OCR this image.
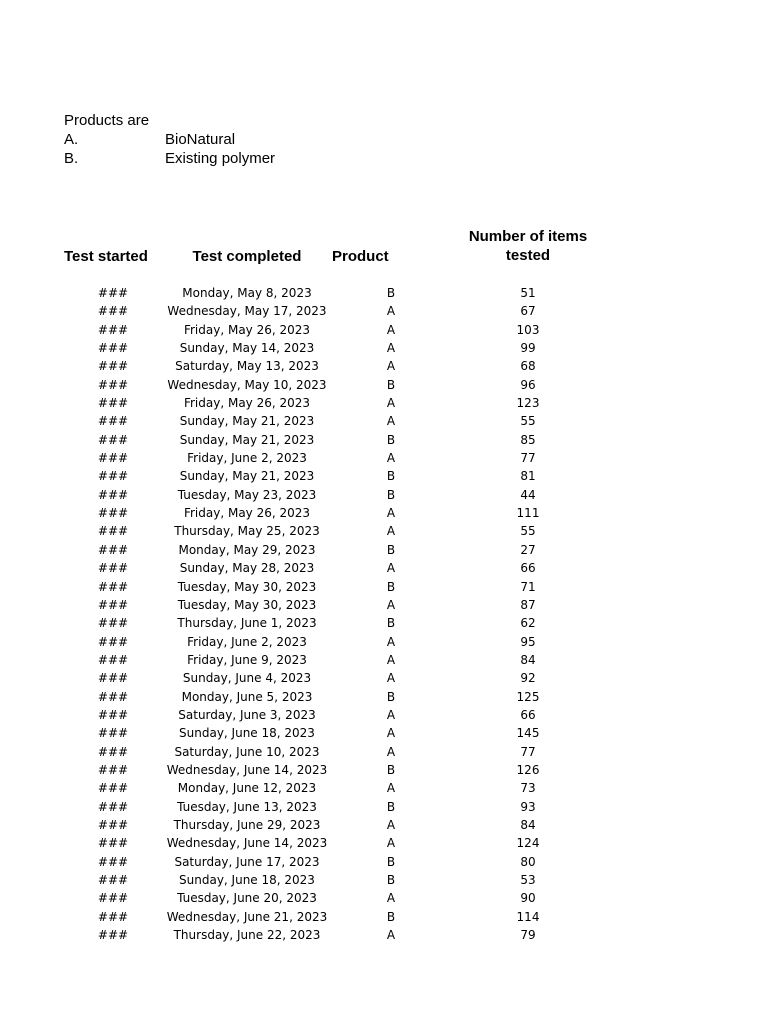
Products are
A.	BioNatural
B.	Existing polymer
Test started	Test completed	Product
Number of items tested
###	Monday, May 8, 2023	B	51
###	Wednesday, May 17, 2023	A	67
###	Friday, May 26, 2023	A	103
###	Sunday, May 14, 2023	A	99
###	Saturday, May 13, 2023	A	68
###	Wednesday, May 10, 2023	B	96
###	Friday, May 26, 2023	A	123
###	Sunday, May 21, 2023	A	55
###	Sunday, May 21, 2023	B	85
###	Friday, June 2, 2023	A	77
###	Sunday, May 21, 2023	B	81
###	Tuesday, May 23, 2023	B	44
###	Friday, May 26, 2023	A	111
###	Thursday, May 25, 2023	A	55
###	Monday, May 29, 2023	B	27
###	Sunday, May 28, 2023	A	66
###	Tuesday, May 30, 2023	B	71
###	Tuesday, May 30, 2023	A	87
###	Thursday, June 1, 2023	B	62
###	Friday, June 2, 2023	A	95
###	Friday, June 9, 2023	A	84
###	Sunday, June 4, 2023	A	92
###	Monday, June 5, 2023	B	125
###	Saturday, June 3, 2023	A	66
###	Sunday, June 18, 2023	A	145
###	Saturday, June 10, 2023	A	77
###	Wednesday, June 14, 2023	B	126
###	Monday, June 12, 2023	A	73
###	Tuesday, June 13, 2023	B	93
###	Thursday, June 29, 2023	A	84
###	Wednesday, June 14, 2023	A	124
###	Saturday, June 17, 2023	B	80
###	Sunday, June 18, 2023	B	53
###	Tuesday, June 20, 2023	A	90
###	Wednesday, June 21, 2023	B	114
###	Thursday, June 22, 2023	A	79
